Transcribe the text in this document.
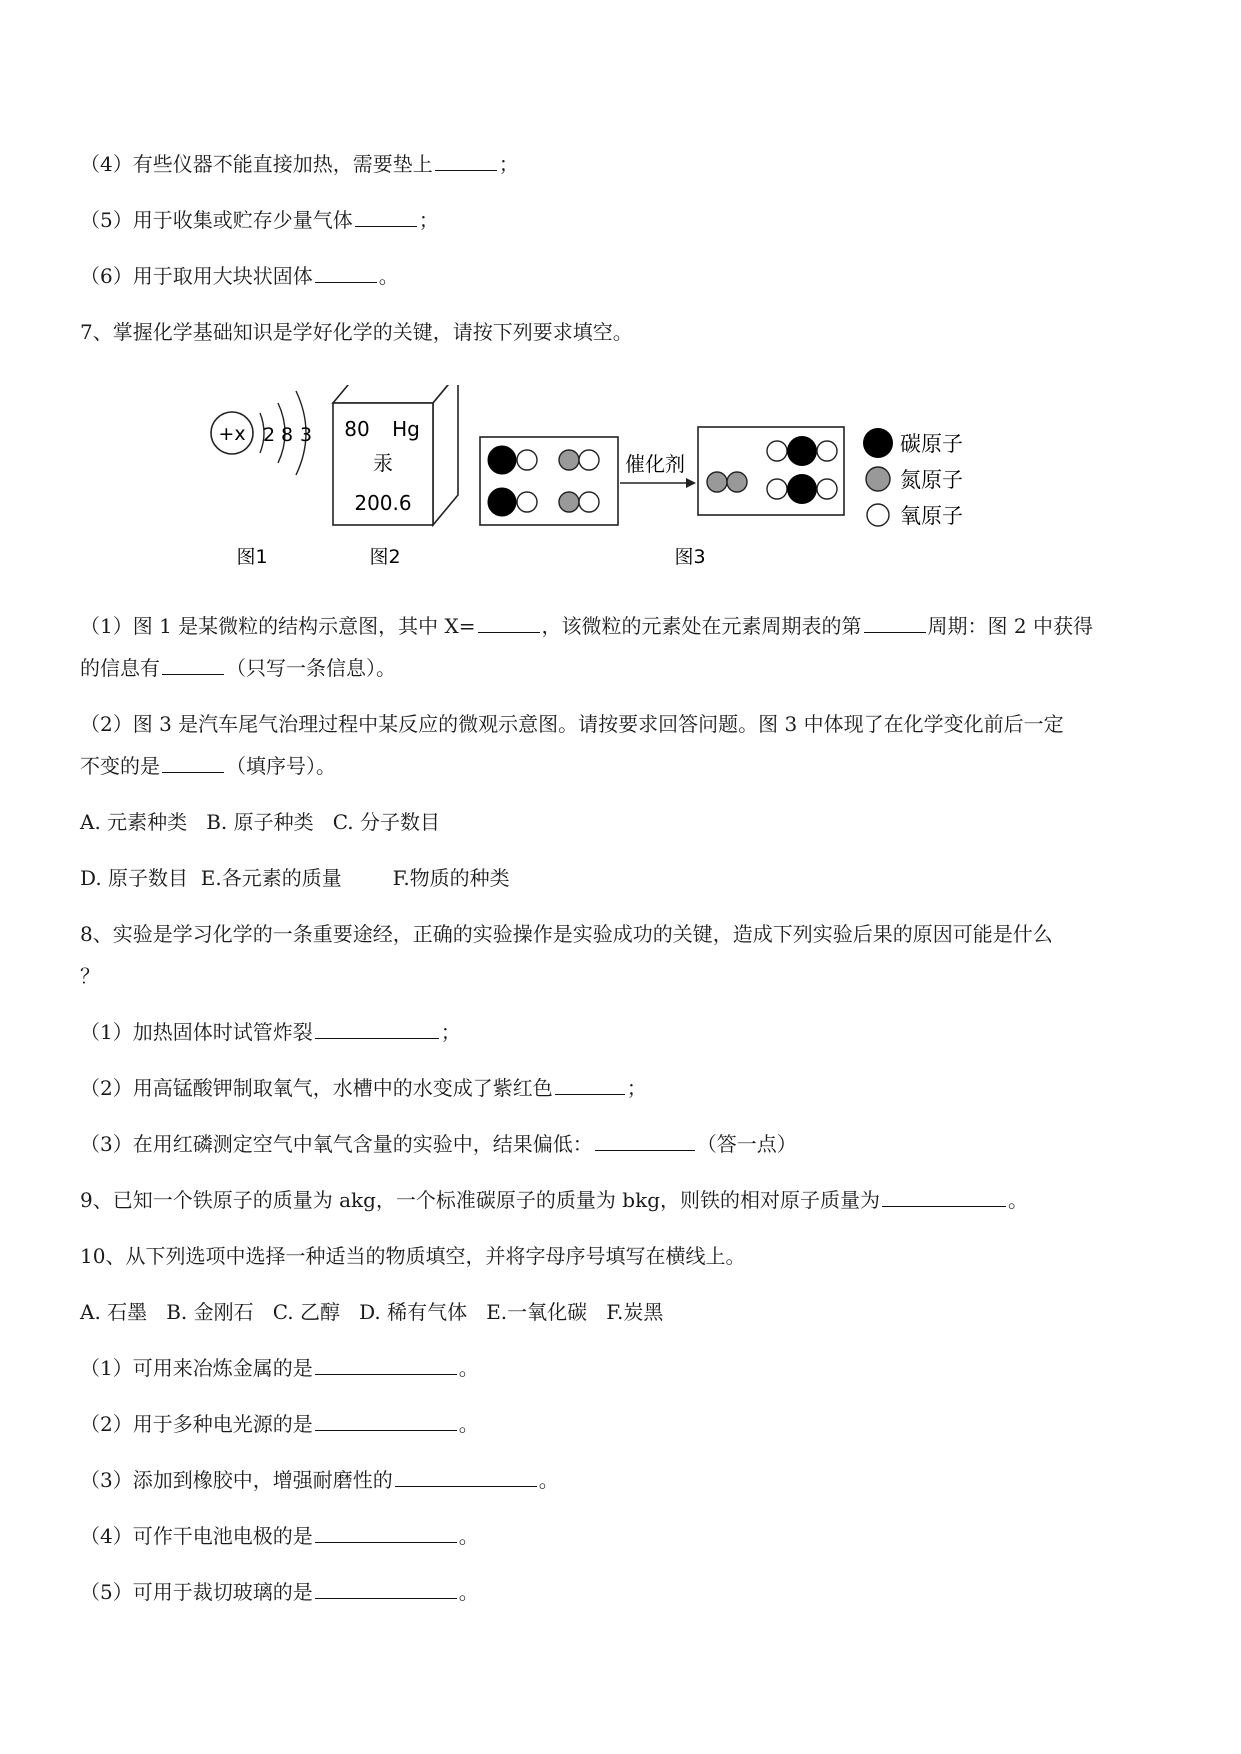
（4）有些仪器不能直接加热，需要垫上	；
（5）用于收集或贮存少量气体	；
（6）用于取用大块状固体	。
7、掌握化学基础知识是学好化学的关键，请按下列要求填空。
+x 2 8 3
图1
80 Hg
汞
200.6
图2
催化剂
图3
碳原子
氮原子
氧原子
（1）图 1 是某微粒的结构示意图，其中 X=	，该微粒的元素处在元素周期表的第	周期：图 2 中获得
的信息有	（只写一条信息）。
（2）图 3 是汽车尾气治理过程中某反应的微观示意图。请按要求回答问题。图 3 中体现了在化学变化前后一定
不变的是	（填序号）。
A. 元素种类   B. 原子种类   C. 分子数目
D. 原子数目  E.各元素的质量        F.物质的种类
8、实验是学习化学的一条重要途经，正确的实验操作是实验成功的关键，造成下列实验后果的原因可能是什么
？
（1）加热固体时试管炸裂	；
（2）用高锰酸钾制取氧气，水槽中的水变成了紫红色	；
（3）在用红磷测定空气中氧气含量的实验中，结果偏低：	（答一点）
9、已知一个铁原子的质量为 akg，一个标准碳原子的质量为 bkg，则铁的相对原子质量为	。
10、从下列选项中选择一种适当的物质填空，并将字母序号填写在横线上。
A. 石墨   B. 金刚石   C. 乙醇   D. 稀有气体   E.一氧化碳   F.炭黑
（1）可用来冶炼金属的是	。
（2）用于多种电光源的是	。
（3）添加到橡胶中，增强耐磨性的	。
（4）可作干电池电极的是	。
（5）可用于裁切玻璃的是	。
